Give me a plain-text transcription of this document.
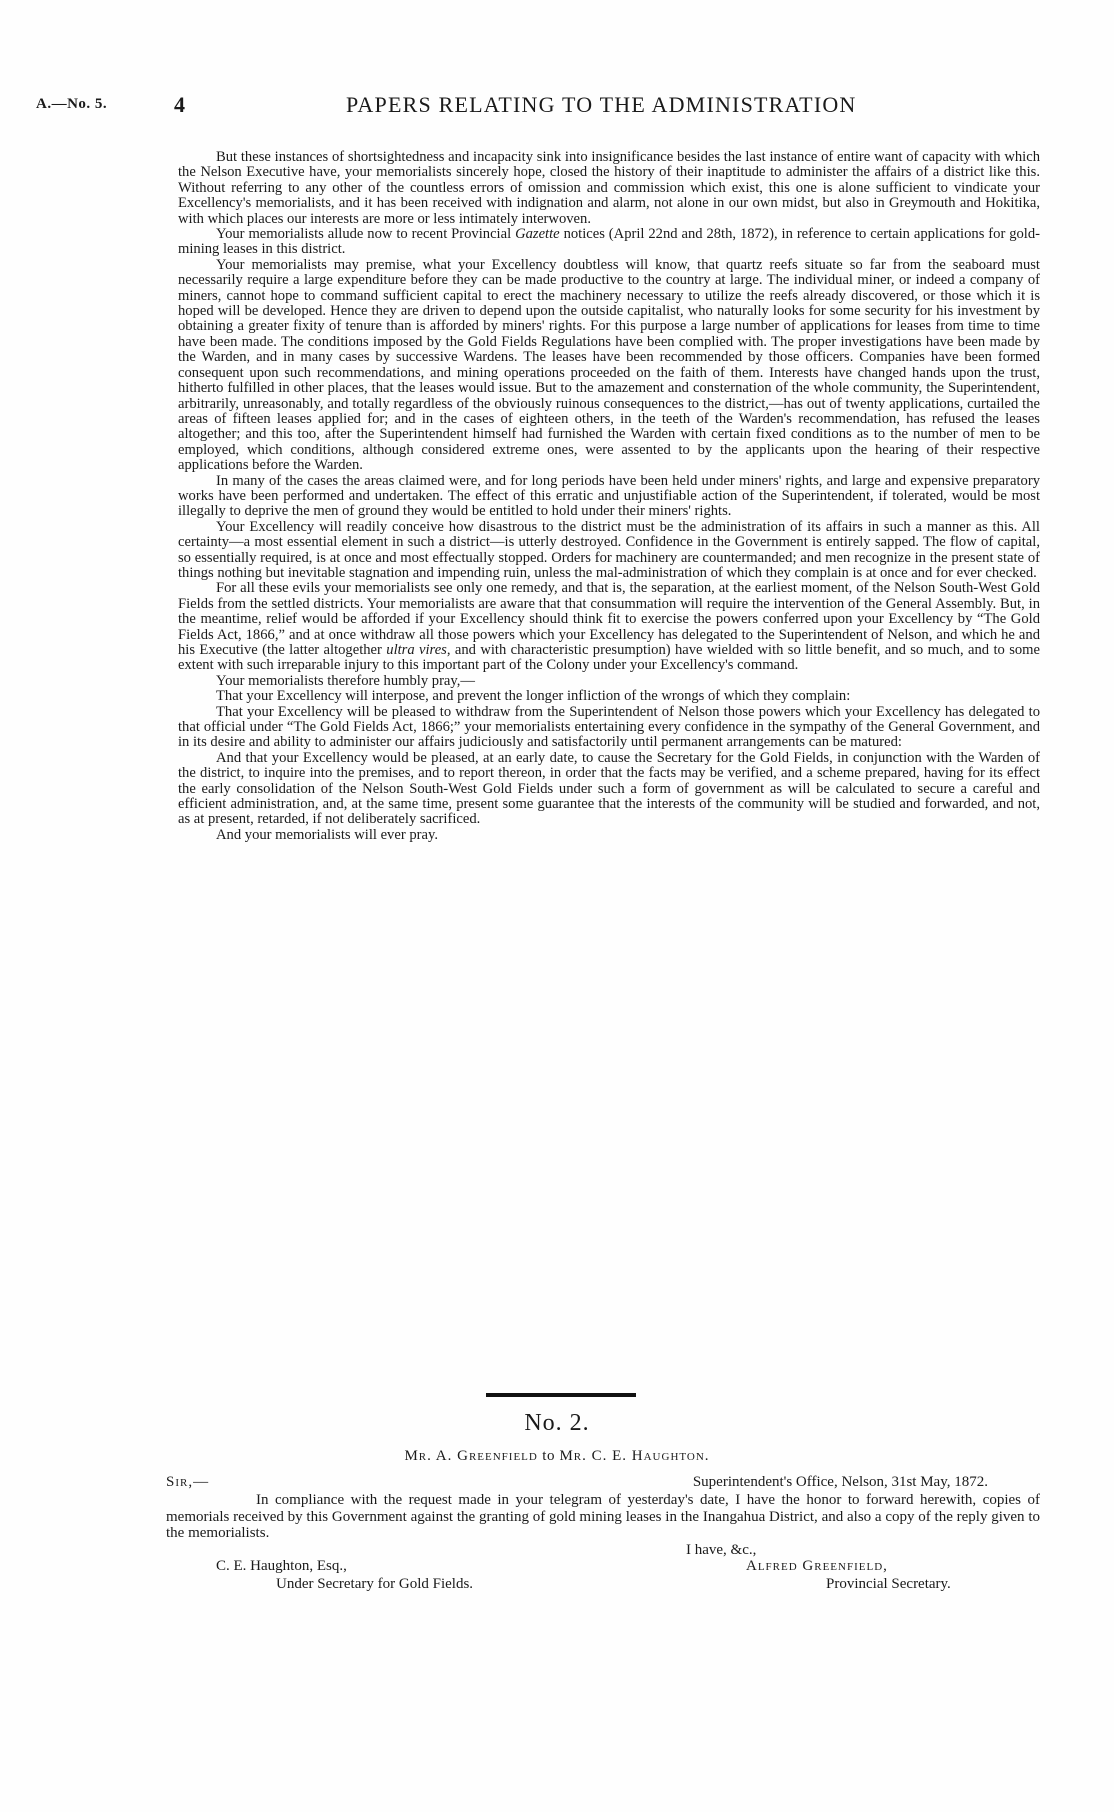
A.—No. 5.	4	PAPERS RELATING TO THE ADMINISTRATION

But these instances of shortsightedness and incapacity sink into insignificance besides the last instance of entire want of capacity with which the Nelson Executive have, your memorialists sincerely hope, closed the history of their inaptitude to administer the affairs of a district like this. Without referring to any other of the countless errors of omission and commission which exist, this one is alone sufficient to vindicate your Excellency's memorialists, and it has been received with indignation and alarm, not alone in our own midst, but also in Greymouth and Hokitika, with which places our interests are more or less intimately interwoven.

Your memorialists allude now to recent Provincial Gazette notices (April 22nd and 28th, 1872), in reference to certain applications for gold-mining leases in this district.

Your memorialists may premise, what your Excellency doubtless will know, that quartz reefs situate so far from the seaboard must necessarily require a large expenditure before they can be made productive to the country at large. The individual miner, or indeed a company of miners, cannot hope to command sufficient capital to erect the machinery necessary to utilize the reefs already discovered, or those which it is hoped will be developed. Hence they are driven to depend upon the outside capitalist, who naturally looks for some security for his investment by obtaining a greater fixity of tenure than is afforded by miners' rights. For this purpose a large number of applications for leases from time to time have been made. The conditions imposed by the Gold Fields Regulations have been complied with. The proper investigations have been made by the Warden, and in many cases by successive Wardens. The leases have been recommended by those officers. Companies have been formed consequent upon such recommendations, and mining operations proceeded on the faith of them. Interests have changed hands upon the trust, hitherto fulfilled in other places, that the leases would issue. But to the amazement and consternation of the whole community, the Superintendent, arbitrarily, unreasonably, and totally regardless of the obviously ruinous consequences to the district,—has out of twenty applications, curtailed the areas of fifteen leases applied for; and in the cases of eighteen others, in the teeth of the Warden's recommendation, has refused the leases altogether; and this too, after the Superintendent himself had furnished the Warden with certain fixed conditions as to the number of men to be employed, which conditions, although considered extreme ones, were assented to by the applicants upon the hearing of their respective applications before the Warden.

In many of the cases the areas claimed were, and for long periods have been held under miners' rights, and large and expensive preparatory works have been performed and undertaken. The effect of this erratic and unjustifiable action of the Superintendent, if tolerated, would be most illegally to deprive the men of ground they would be entitled to hold under their miners' rights.

Your Excellency will readily conceive how disastrous to the district must be the administration of its affairs in such a manner as this. All certainty—a most essential element in such a district—is utterly destroyed. Confidence in the Government is entirely sapped. The flow of capital, so essentially required, is at once and most effectually stopped. Orders for machinery are countermanded; and men recognize in the present state of things nothing but inevitable stagnation and impending ruin, unless the mal-administration of which they complain is at once and for ever checked.

For all these evils your memorialists see only one remedy, and that is, the separation, at the earliest moment, of the Nelson South-West Gold Fields from the settled districts. Your memorialists are aware that that consummation will require the intervention of the General Assembly. But, in the meantime, relief would be afforded if your Excellency should think fit to exercise the powers conferred upon your Excellency by “The Gold Fields Act, 1866,” and at once withdraw all those powers which your Excellency has delegated to the Superintendent of Nelson, and which he and his Executive (the latter altogether ultra vires, and with characteristic presumption) have wielded with so little benefit, and so much, and to some extent with such irreparable injury to this important part of the Colony under your Excellency's command.

Your memorialists therefore humbly pray,—

That your Excellency will interpose, and prevent the longer infliction of the wrongs of which they complain:

That your Excellency will be pleased to withdraw from the Superintendent of Nelson those powers which your Excellency has delegated to that official under “The Gold Fields Act, 1866;” your memorialists entertaining every confidence in the sympathy of the General Government, and in its desire and ability to administer our affairs judiciously and satisfactorily until permanent arrangements can be matured:

And that your Excellency would be pleased, at an early date, to cause the Secretary for the Gold Fields, in conjunction with the Warden of the district, to inquire into the premises, and to report thereon, in order that the facts may be verified, and a scheme prepared, having for its effect the early consolidation of the Nelson South-West Gold Fields under such a form of government as will be calculated to secure a careful and efficient administration, and, at the same time, present some guarantee that the interests of the community will be studied and forwarded, and not, as at present, retarded, if not deliberately sacrificed.

And your memorialists will ever pray.

No. 2.
Mr. A. Greenfield to Mr. C. E. Haughton.
Sir,—	Superintendent's Office, Nelson, 31st May, 1872.

In compliance with the request made in your telegram of yesterday's date, I have the honor to forward herewith, copies of memorials received by this Government against the granting of gold mining leases in the Inangahua District, and also a copy of the reply given to the memorialists.

I have, &c.,
C. E. Haughton, Esq.,
Under Secretary for Gold Fields.
Alfred Greenfield,
Provincial Secretary.
